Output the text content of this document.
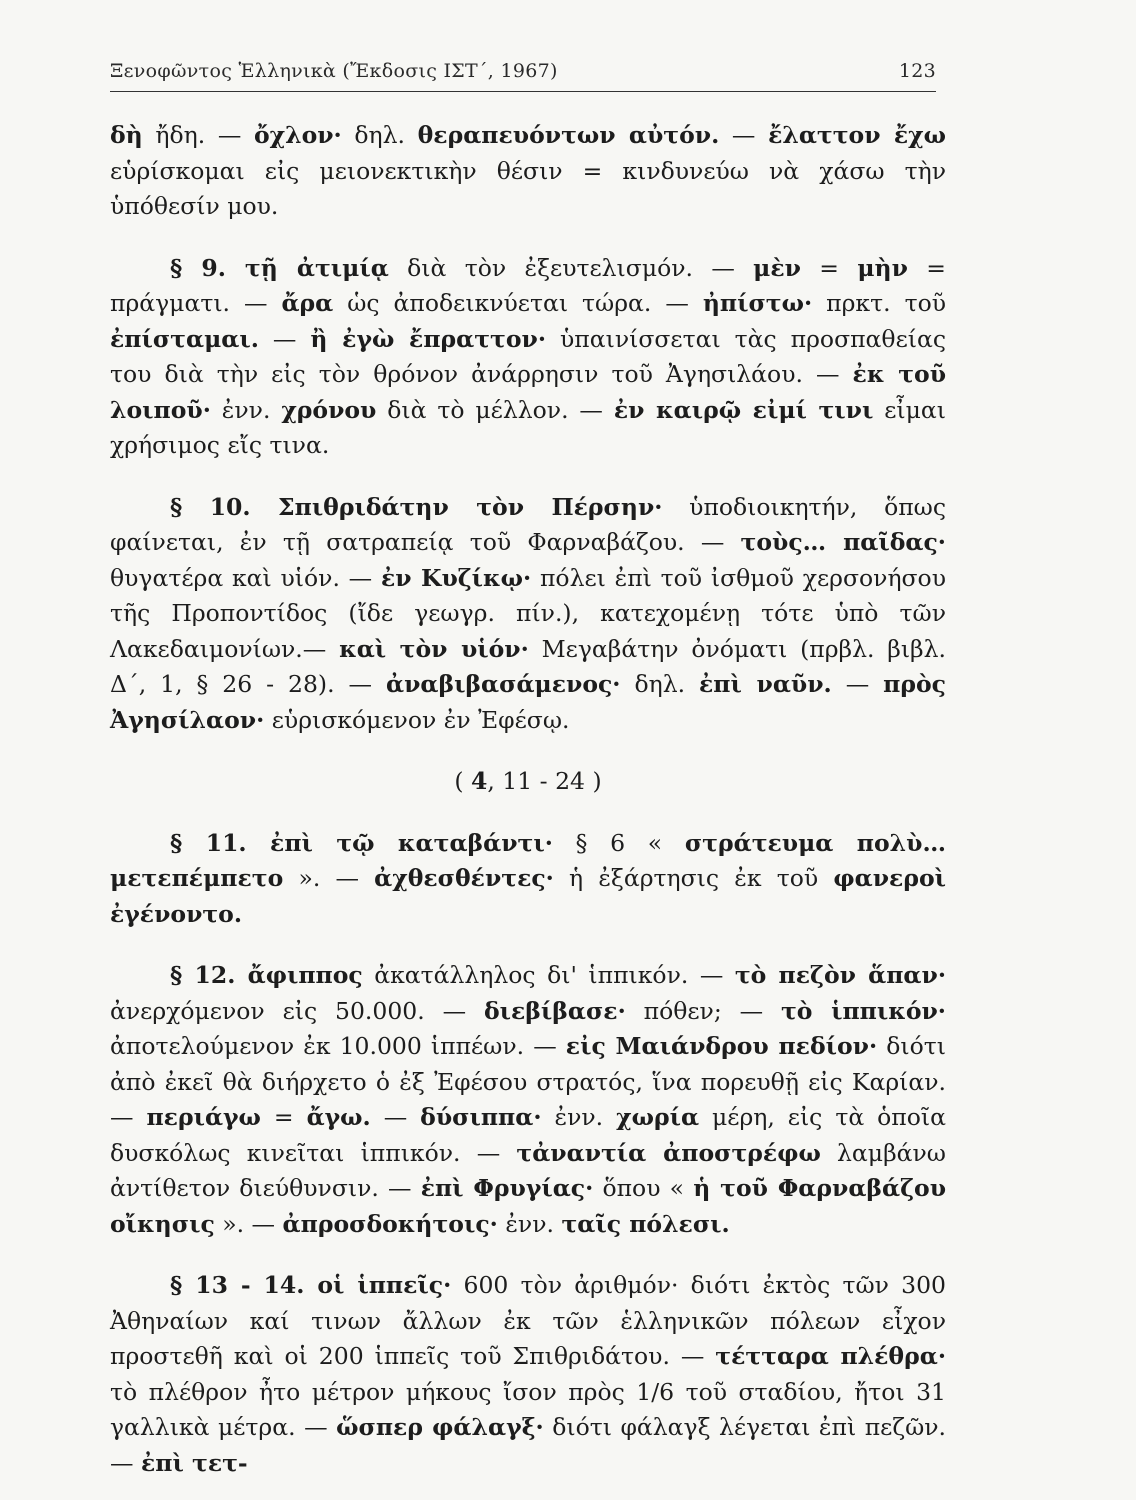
Ξενοφῶντος Ἑλληνικὰ (Ἔκδοσις ΙΣΤ΄, 1967)	123

δὴ ἤδη. — ὄχλον· δηλ. θεραπευόντων αὐτόν. — ἔλαττον ἔχω εὑρίσκομαι εἰς μειονεκτικὴν θέσιν = κινδυνεύω νὰ χάσω τὴν ὑπόθεσίν μου.

§ 9. τῇ ἀτιμίᾳ διὰ τὸν ἐξευτελισμόν. — μὲν = μὴν = πράγματι. — ἄρα ὡς ἀποδεικνύεται τώρα. — ἠπίστω· πρκτ. τοῦ ἐπίσταμαι. — ἢ ἐγὼ ἔπραττον· ὑπαινίσσεται τὰς προσπαθείας του διὰ τὴν εἰς τὸν θρόνον ἀνάρρησιν τοῦ Ἀγησιλάου. — ἐκ τοῦ λοιποῦ· ἐνν. χρόνου διὰ τὸ μέλλον. — ἐν καιρῷ εἰμί τινι εἶμαι χρήσιμος εἴς τινα.

§ 10. Σπιθριδάτην τὸν Πέρσην· ὑποδιοικητήν, ὅπως φαίνεται, ἐν τῇ σατραπείᾳ τοῦ Φαρναβάζου. — τοὺς… παῖδας· θυγατέρα καὶ υἱόν. — ἐν Κυζίκῳ· πόλει ἐπὶ τοῦ ἰσθμοῦ χερσονήσου τῆς Προποντίδος (ἴδε γεωγρ. πίν.), κατεχομένῃ τότε ὑπὸ τῶν Λακεδαιμονίων.— καὶ τὸν υἱόν· Μεγαβάτην ὀνόματι (πρβλ. βιβλ. Δ΄, 1, § 26 - 28). — ἀναβιβασάμενος· δηλ. ἐπὶ ναῦν. — πρὸς Ἀγησίλαον· εὑρισκόμενον ἐν Ἐφέσῳ.

( 4, 11 - 24 )

§ 11. ἐπὶ τῷ καταβάντι· § 6 « στράτευμα πολὺ… μετεπέμπετο ». — ἀχθεσθέντες· ἡ ἐξάρτησις ἐκ τοῦ φανεροὶ ἐγένοντο.

§ 12. ἄφιππος ἀκατάλληλος δι' ἱππικόν. — τὸ πεζὸν ἅπαν· ἀνερχόμενον εἰς 50.000. — διεβίβασε· πόθεν; — τὸ ἱππικόν· ἀποτελούμενον ἐκ 10.000 ἱππέων. — εἰς Μαιάνδρου πεδίον· διότι ἀπὸ ἐκεῖ θὰ διήρχετο ὁ ἐξ Ἐφέσου στρατός, ἵνα πορευθῇ εἰς Καρίαν. — περιάγω = ἄγω. — δύσιππα· ἐνν. χωρία μέρη, εἰς τὰ ὁποῖα δυσκόλως κινεῖται ἱππικόν. — τἀναντία ἀποστρέφω λαμβάνω ἀντίθετον διεύθυνσιν. — ἐπὶ Φρυγίας· ὅπου « ἡ τοῦ Φαρναβάζου οἴκησις ». — ἀπροσδοκήτοις· ἐνν. ταῖς πόλεσι.

§ 13 - 14. οἱ ἱππεῖς· 600 τὸν ἀριθμόν· διότι ἐκτὸς τῶν 300 Ἀθηναίων καί τινων ἄλλων ἐκ τῶν ἑλληνικῶν πόλεων εἶχον προστεθῆ καὶ οἱ 200 ἱππεῖς τοῦ Σπιθριδάτου. — τέτταρα πλέθρα· τὸ πλέθρον ἦτο μέτρον μήκους ἴσον πρὸς 1/6 τοῦ σταδίου, ἤτοι 31 γαλλικὰ μέτρα. — ὥσπερ φάλαγξ· διότι φάλαγξ λέγεται ἐπὶ πεζῶν. — ἐπὶ τετ-
